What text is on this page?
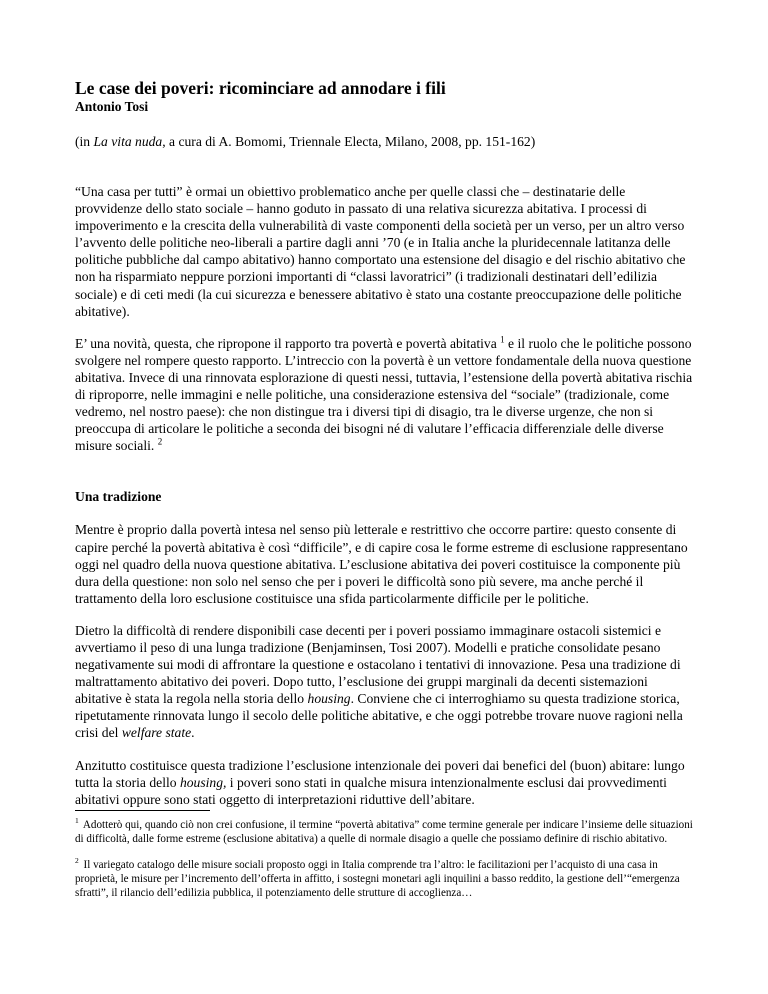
Le case dei poveri: ricominciare ad annodare i fili
Antonio Tosi

(in La vita nuda, a cura di A. Bomomi, Triennale Electa, Milano, 2008, pp. 151-162)

“Una casa per tutti” è ormai un obiettivo problematico anche per quelle classi che – destinatarie delle provvidenze dello stato sociale – hanno goduto in passato di una relativa sicurezza abitativa. I processi di impoverimento e la crescita della vulnerabilità di vaste componenti della società per un verso, per un altro verso l’avvento delle politiche neo-liberali a partire dagli anni ’70 (e in Italia anche la pluridecennale latitanza delle politiche pubbliche dal campo abitativo) hanno comportato una estensione del disagio e del rischio abitativo che non ha risparmiato neppure porzioni importanti di “classi lavoratrici” (i tradizionali destinatari dell’edilizia sociale) e di ceti medi (la cui sicurezza e benessere abitativo è stato una costante preoccupazione delle politiche abitative).

E’ una novità, questa, che ripropone il rapporto tra povertà e povertà abitativa $^1$ e il ruolo che le politiche possono svolgere nel rompere questo rapporto. L’intreccio con la povertà è un vettore fondamentale della nuova questione abitativa. Invece di una rinnovata esplorazione di questi nessi, tuttavia, l’estensione della povertà abitativa rischia di riproporre, nelle immagini e nelle politiche, una considerazione estensiva del “sociale” (tradizionale, come vedremo, nel nostro paese): che non distingue tra i diversi tipi di disagio, tra le diverse urgenze, che non si preoccupa di articolare le politiche a seconda dei bisogni né di valutare l’efficacia differenziale delle diverse misure sociali. $^2$

Una tradizione

Mentre è proprio dalla povertà intesa nel senso più letterale e restrittivo che occorre partire: questo consente di capire perché la povertà abitativa è così “difficile”, e di capire cosa le forme estreme di esclusione rappresentano oggi nel quadro della nuova questione abitativa. L’esclusione abitativa dei poveri costituisce la componente più dura della questione: non solo nel senso che per i poveri le difficoltà sono più severe, ma anche perché il trattamento della loro esclusione costituisce una sfida particolarmente difficile per le politiche.

Dietro la difficoltà di rendere disponibili case decenti per i poveri possiamo immaginare ostacoli sistemici e avvertiamo il peso di una lunga tradizione (Benjaminsen, Tosi 2007). Modelli e pratiche consolidate pesano negativamente sui modi di affrontare la questione e ostacolano i tentativi di innovazione. Pesa una tradizione di maltrattamento abitativo dei poveri. Dopo tutto, l’esclusione dei gruppi marginali da decenti sistemazioni abitative è stata la regola nella storia dello housing. Conviene che ci interroghiamo su questa tradizione storica, ripetutamente rinnovata lungo il secolo delle politiche abitative, e che oggi potrebbe trovare nuove ragioni nella crisi del welfare state.

Anzitutto costituisce questa tradizione l’esclusione intenzionale dei poveri dai benefici del (buon) abitare: lungo tutta la storia dello housing, i poveri sono stati in qualche misura intenzionalmente esclusi dai provvedimenti abitativi oppure sono stati oggetto di interpretazioni riduttive dell’abitare.

$^1$ Adotterò qui, quando ciò non crei confusione, il termine “povertà abitativa” come termine generale per indicare l’insieme delle situazioni di difficoltà, dalle forme estreme (esclusione abitativa) a quelle di normale disagio a quelle che possiamo definire di rischio abitativo.

$^2$ Il variegato catalogo delle misure sociali proposto oggi in Italia comprende tra l’altro: le facilitazioni per l’acquisto di una casa in proprietà, le misure per l’incremento dell’offerta in affitto, i sostegni monetari agli inquilini a basso reddito, la gestione dell’“emergenza sfratti”, il rilancio dell’edilizia pubblica, il potenziamento delle strutture di accoglienza…
